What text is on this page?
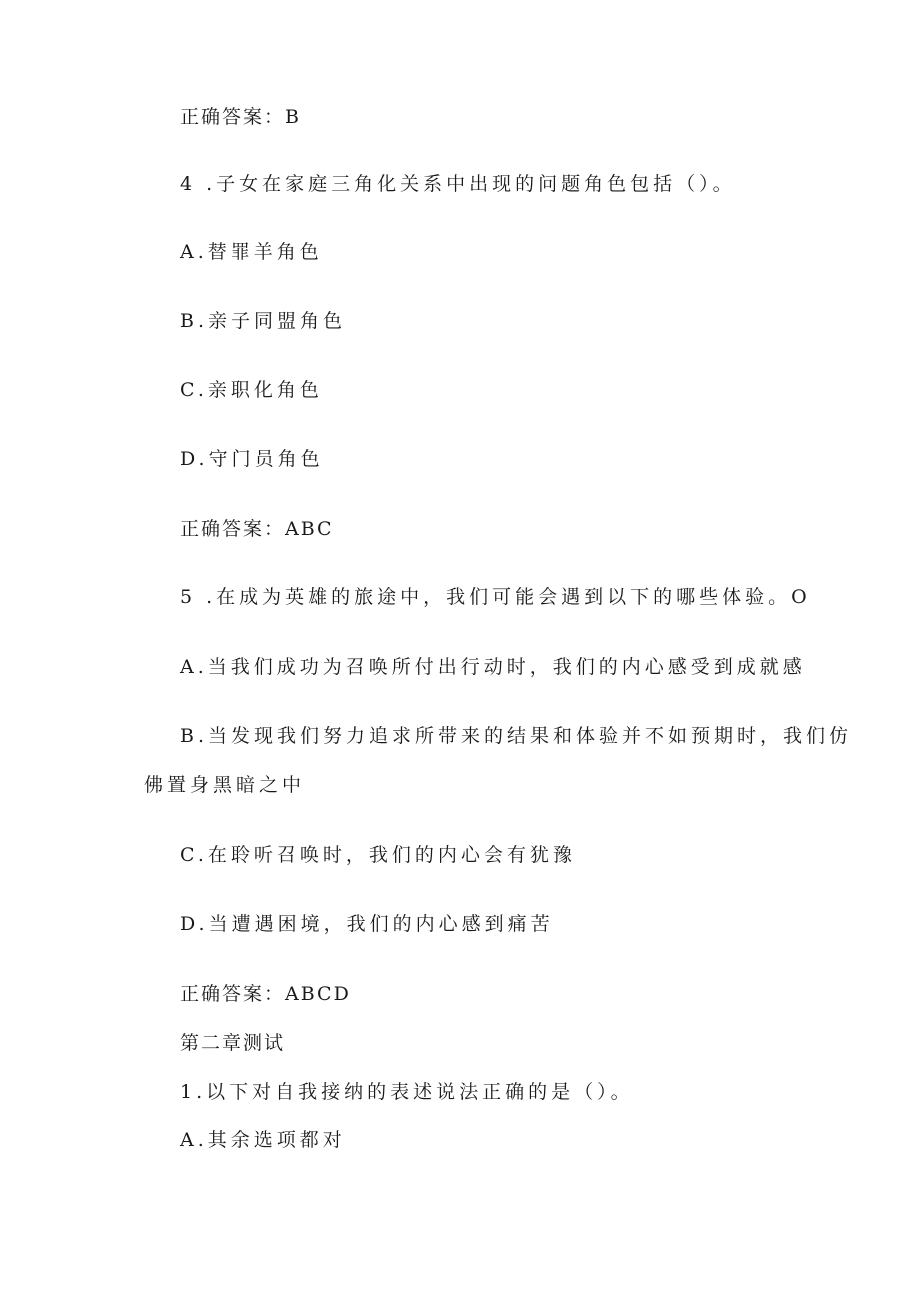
正确答案：B
4 .子女在家庭三角化关系中出现的问题角色包括（）。
A.替罪羊角色
B.亲子同盟角色
C.亲职化角色
D.守门员角色
正确答案：ABC
5 .在成为英雄的旅途中，我们可能会遇到以下的哪些体验。O
A.当我们成功为召唤所付出行动时，我们的内心感受到成就感
B.当发现我们努力追求所带来的结果和体验并不如预期时，我们仿
佛置身黑暗之中
C.在聆听召唤时，我们的内心会有犹豫
D.当遭遇困境，我们的内心感到痛苦
正确答案：ABCD
第二章测试
1.以下对自我接纳的表述说法正确的是（）。
A.其余选项都对
